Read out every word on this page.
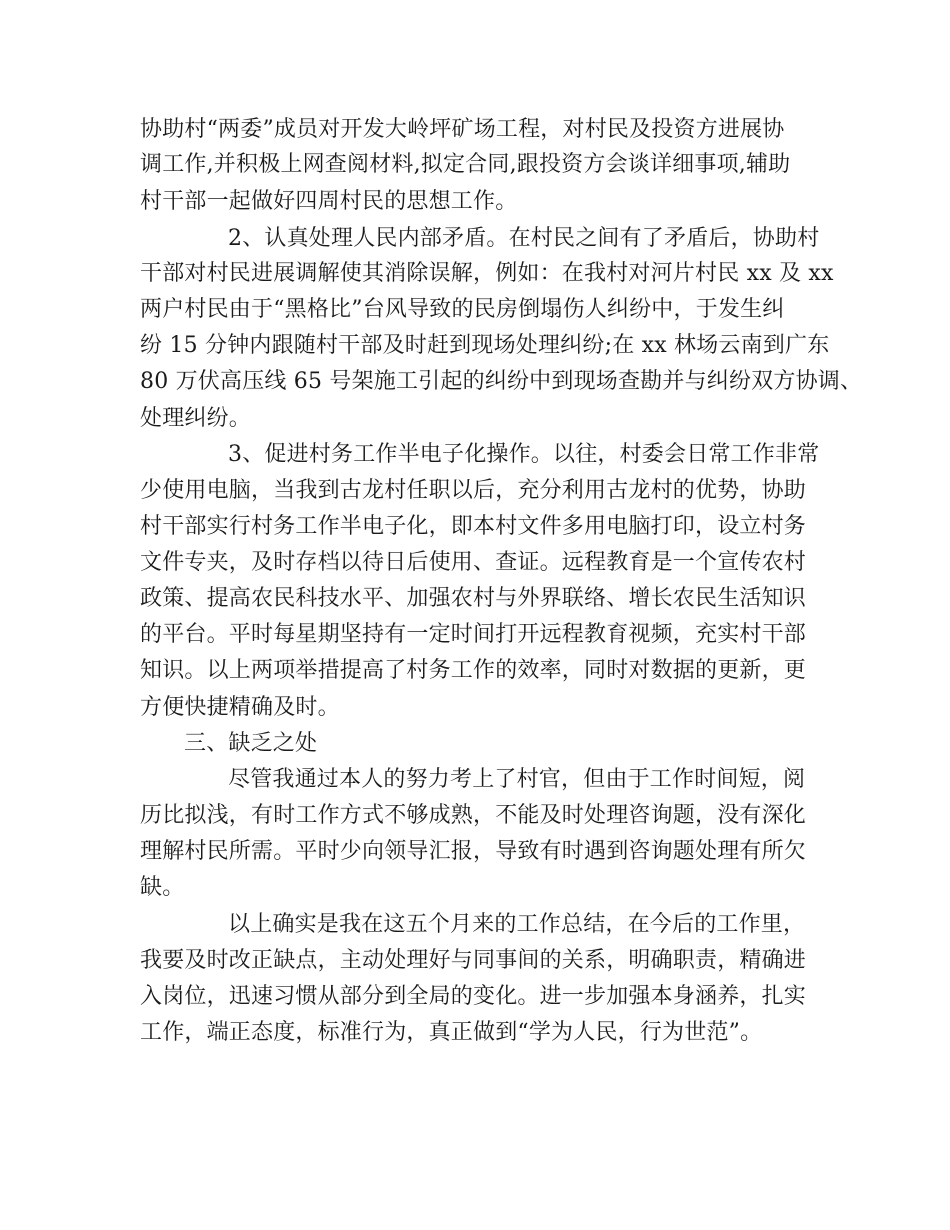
协助村“两委”成员对开发大岭坪矿场工程，对村民及投资方进展协
调工作,并积极上网查阅材料,拟定合同,跟投资方会谈详细事项,辅助
村干部一起做好四周村民的思想工作。
2、认真处理人民内部矛盾。在村民之间有了矛盾后，协助村
干部对村民进展调解使其消除误解，例如：在我村对河片村民 xx 及 xx
两户村民由于“黑格比”台风导致的民房倒塌伤人纠纷中，于发生纠
纷 15 分钟内跟随村干部及时赶到现场处理纠纷;在 xx 林场云南到广东
80 万伏高压线 65 号架施工引起的纠纷中到现场查勘并与纠纷双方协调、
处理纠纷。
3、促进村务工作半电子化操作。以往，村委会日常工作非常
少使用电脑，当我到古龙村任职以后，充分利用古龙村的优势，协助
村干部实行村务工作半电子化，即本村文件多用电脑打印，设立村务
文件专夹，及时存档以待日后使用、查证。远程教育是一个宣传农村
政策、提高农民科技水平、加强农村与外界联络、增长农民生活知识
的平台。平时每星期坚持有一定时间打开远程教育视频，充实村干部
知识。以上两项举措提高了村务工作的效率，同时对数据的更新，更
方便快捷精确及时。
三、缺乏之处
尽管我通过本人的努力考上了村官，但由于工作时间短，阅
历比拟浅，有时工作方式不够成熟，不能及时处理咨询题，没有深化
理解村民所需。平时少向领导汇报，导致有时遇到咨询题处理有所欠
缺。
以上确实是我在这五个月来的工作总结，在今后的工作里，
我要及时改正缺点，主动处理好与同事间的关系，明确职责，精确进
入岗位，迅速习惯从部分到全局的变化。进一步加强本身涵养，扎实
工作，端正态度，标准行为，真正做到“学为人民，行为世范”。
